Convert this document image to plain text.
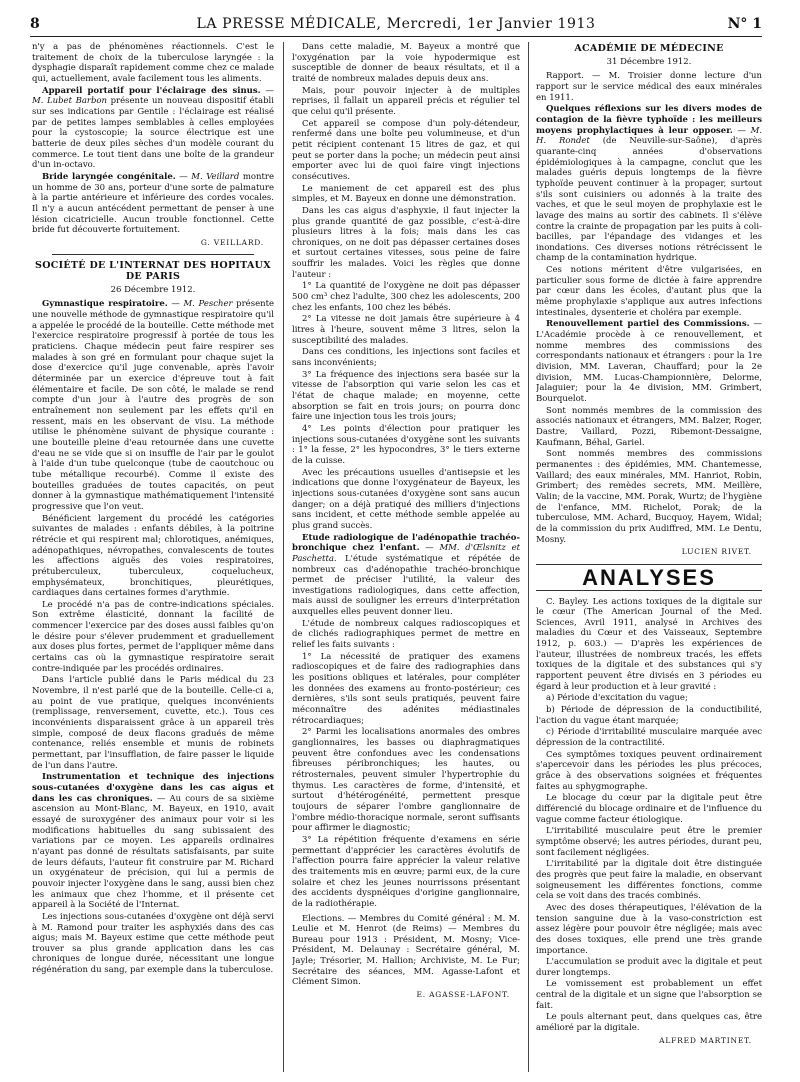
8	LA PRESSE MÉDICALE, Mercredi, 1er Janvier 1913	N° 1

n'y a pas de phénomènes réactionnels. C'est le traitement de choix de la tuberculose laryngée : la dysphagie disparaît rapidement comme chez ce malade qui, actuellement, avale facilement tous les aliments.

Appareil portatif pour l'éclairage des sinus. — M. Lubet Barbon présente un nouveau dispositif établi sur ses indications par Gentile : l'éclairage est réalisé par de petites lampes semblables à celles employées pour la cystoscopie; la source électrique est une batterie de deux piles sèches d'un modèle courant du commerce. Le tout tient dans une boîte de la grandeur d'un in-octavo.

Bride laryngée congénitale. — M. Veillard montre un homme de 30 ans, porteur d'une sorte de palmature à la partie antérieure et inférieure des cordes vocales. Il n'y a aucun antécédent permettant de penser à une lésion cicatricielle. Aucun trouble fonctionnel. Cette bride fut découverte fortuitement.

G. VEILLARD.
SOCIÉTÉ DE L'INTERNAT DES HOPITAUX DE PARIS
26 Décembre 1912.

Gymnastique respiratoire. — M. Pescher présente une nouvelle méthode de gymnastique respiratoire qu'il a appelée le procédé de la bouteille. Cette méthode met l'exercice respiratoire progressif à portée de tous les praticiens. Chaque médecin peut faire respirer ses malades à son gré en formulant pour chaque sujet la dose d'exercice qu'il juge convenable, après l'avoir déterminée par un exercice d'épreuve tout à fait élémentaire et facile. De son côté, le malade se rend compte d'un jour à l'autre des progrès de son entraînement non seulement par les effets qu'il en ressent, mais en les observant de visu. La méthode utilise le phénomène suivant de physique courante : une bouteille pleine d'eau retournée dans une cuvette d'eau ne se vide que si on insuffle de l'air par le goulot à l'aide d'un tube quelconque (tube de caoutchouc ou tube métallique recourbé). Comme il existe des bouteilles graduées de toutes capacités, on peut donner à la gymnastique mathématiquement l'intensité progressive que l'on veut.

Bénéficient largement du procédé les catégories suivantes de malades : enfants débiles, à la poitrine rétrécie et qui respirent mal; chlorotiques, anémiques, adénopathiques, névropathes, convalescents de toutes les affections aiguës des voies respiratoires, prétuberculeux, tuberculeux, coquelucheux, emphysémateux, bronchitiques, pleurétiques, cardiaques dans certaines formes d'arythmie.

Le procédé n'a pas de contre-indications spéciales. Son extrême élasticité, donnant la facilité de commencer l'exercice par des doses aussi faibles qu'on le désire pour s'élever prudemment et graduellement aux doses plus fortes, permet de l'appliquer même dans certains cas où la gymnastique respiratoire serait contre-indiquée par les procédés ordinaires.

Dans l'article publié dans le Paris médical du 23 Novembre, il n'est parlé que de la bouteille. Celle-ci a, au point de vue pratique, quelques inconvénients (remplissage, renversement, cuvette, etc.). Tous ces inconvénients disparaissent grâce à un appareil très simple, composé de deux flacons gradués de même contenance, reliés ensemble et munis de robinets permettant, par l'insufflation, de faire passer le liquide de l'un dans l'autre.

Instrumentation et technique des injections sous-cutanées d'oxygène dans les cas aigus et dans les cas chroniques. — Au cours de sa sixième ascension au Mont-Blanc, M. Bayeux, en 1910, avait essayé de suroxygéner des animaux pour voir si les modifications habituelles du sang subissaient des variations par ce moyen. Les appareils ordinaires n'ayant pas donné de résultats satisfaisants, par suite de leurs défauts, l'auteur fit construire par M. Richard un oxygénateur de précision, qui lui a permis de pouvoir injecter l'oxygène dans le sang, aussi bien chez les animaux que chez l'homme, et il présente cet appareil à la Société de l'Internat.

Les injections sous-cutanées d'oxygène ont déjà servi à M. Ramond pour traiter les asphyxiés dans des cas aigus; mais M. Bayeux estime que cette méthode peut trouver sa plus grande application dans les cas chroniques de longue durée, nécessitant une longue régénération du sang, par exemple dans la tuberculose.

Dans cette maladie, M. Bayeux a montré que l'oxygénation par la voie hypodermique est susceptible de donner de beaux résultats, et il a traité de nombreux malades depuis deux ans.

Mais, pour pouvoir injecter à de multiples reprises, il fallait un appareil précis et régulier tel que celui qu'il présente.

Cet appareil se compose d'un poly-détendeur, renfermé dans une boîte peu volumineuse, et d'un petit récipient contenant 15 litres de gaz, et qui peut se porter dans la poche; un médecin peut ainsi emporter avec lui de quoi faire vingt injections consécutives.

Le maniement de cet appareil est des plus simples, et M. Bayeux en donne une démonstration.

Dans les cas aigus d'asphyxie, il faut injecter la plus grande quantité de gaz possible, c'est-à-dire plusieurs litres à la fois; mais dans les cas chroniques, on ne doit pas dépasser certaines doses et surtout certaines vitesses, sous peine de faire souffrir les malades. Voici les règles que donne l'auteur :

1° La quantité de l'oxygène ne doit pas dépasser 500 cm³ chez l'adulte, 300 chez les adolescents, 200 chez les enfants, 100 chez les bébés.

2° La vitesse ne doit jamais être supérieure à 4 litres à l'heure, souvent même 3 litres, selon la susceptibilité des malades.

Dans ces conditions, les injections sont faciles et sans inconvénients;

3° La fréquence des injections sera basée sur la vitesse de l'absorption qui varie selon les cas et l'état de chaque malade; en moyenne, cette absorption se fait en trois jours; on pourra donc faire une injection tous les trois jours;

4° Les points d'élection pour pratiquer les injections sous-cutanées d'oxygène sont les suivants : 1° la fesse, 2° les hypocondres, 3° le tiers externe de la cuisse.

Avec les précautions usuelles d'antisepsie et les indications que donne l'oxygénateur de Bayeux, les injections sous-cutanées d'oxygène sont sans aucun danger; on a déjà pratiqué des milliers d'injections sans incident, et cette méthode semble appelée au plus grand succès.

Etude radiologique de l'adénopathie trachéo-bronchique chez l'enfant. — MM. d'Œlsnitz et Paschetta. L'étude systématique et répétée de nombreux cas d'adénopathie trachéo-bronchique permet de préciser l'utilité, la valeur des investigations radiologiques, dans cette affection, mais aussi de souligner les erreurs d'interprétation auxquelles elles peuvent donner lieu.

L'étude de nombreux calques radioscopiques et de clichés radiographiques permet de mettre en relief les faits suivants :

1° La nécessité de pratiquer des examens radioscopiques et de faire des radiographies dans les positions obliques et latérales, pour compléter les données des examens au fronto-postérieur; ces dernières, s'ils sont seuls pratiqués, peuvent faire méconnaître des adénites médiastinales rétrocardiaques;

2° Parmi les localisations anormales des ombres ganglionnaires, les basses ou diaphragmatiques peuvent être confondues avec les condensations fibreuses péribronchiques; les hautes, ou rétrosternales, peuvent simuler l'hypertrophie du thymus. Les caractères de forme, d'intensité, et surtout d'hétérogénéité, permettent presque toujours de séparer l'ombre ganglionnaire de l'ombre médio-thoracique normale, seront suffisants pour affirmer le diagnostic;

3° La répétition fréquente d'examens en série permettant d'apprécier les caractères évolutifs de l'affection pourra faire apprécier la valeur relative des traitements mis en œuvre; parmi eux, de la cure solaire et chez les jeunes nourrissons présentant des accidents dyspnéiques d'origine ganglionnaire, de la radiothérapie.

Elections. — Membres du Comité général : M. M. Leulie et M. Henrot (de Reims) — Membres du Bureau pour 1913 : Président, M. Mosny; Vice-Président, M. Delaunay : Secrétaire général, M. Jayle; Trésorier, M. Hallion; Archiviste, M. Le Fur; Secrétaire des séances, MM. Agasse-Lafont et Clément Simon.

E. AGASSE-LAFONT.
ACADÉMIE DE MÉDECINE
31 Décembre 1912.

Rapport. — M. Troisier donne lecture d'un rapport sur le service médical des eaux minérales en 1911.

Quelques réflexions sur les divers modes de contagion de la fièvre typhoïde : les meilleurs moyens prophylactiques à leur opposer. — M. H. Rondet (de Neuville-sur-Saône), d'après quarante-cinq années d'observations épidémiologiques à la campagne, conclut que les malades guéris depuis longtemps de la fièvre typhoïde peuvent continuer à la propager, surtout s'ils sont cuisiniers ou adonnés à la traite des vaches, et que le seul moyen de prophylaxie est le lavage des mains au sortir des cabinets. Il s'élève contre la crainte de propagation par les puits à coli-bacilles, par l'épandage des vidanges et les inondations. Ces diverses notions rétrécissent le champ de la contamination hydrique.

Ces notions méritent d'être vulgarisées, en particulier sous forme de dictée à faire apprendre par cœur dans les écoles, d'autant plus que la même prophylaxie s'applique aux autres infections intestinales, dysenterie et choléra par exemple.

Renouvellement partiel des Commissions. — L'Académie procède à ce renouvellement, et nomme membres des commissions des correspondants nationaux et étrangers : pour la 1re division, MM. Laveran, Chauffard; pour la 2e division, MM. Lucas-Championnière, Delorme, Jalaguier; pour la 4e division, MM. Grimbert, Bourquelot.

Sont nommés membres de la commission des associés nationaux et étrangers, MM. Balzer, Roger, Dastre, Vaillard, Pozzi, Ribemont-Dessaigne, Kaufmann, Béhal, Gariel.

Sont nommés membres des commissions permanentes : des épidémies, MM. Chantemesse, Vaillard; des eaux minérales, MM. Hanriot, Robin, Grimbert; des remèdes secrets, MM. Meillère, Valin; de la vaccine, MM. Porak, Wurtz; de l'hygiène de l'enfance, MM. Richelot, Porak; de la tuberculose, MM. Achard, Bucquoy, Hayem, Widal; de la commission du prix Audiffred, MM. Le Dentu, Mosny.

LUCIEN RIVET.
ANALYSES

C. Bayley. Les actions toxiques de la digitale sur le cœur (The American Journal of the Med. Sciences, Avril 1911, analysé in Archives des maladies du Cœur et des Vaisseaux, Septembre 1912, p. 603.) — D'après les expériences de l'auteur, illustrées de nombreux tracés, les effets toxiques de la digitale et des substances qui s'y rapportent peuvent être divisés en 3 périodes eu égard à leur production et à leur gravité :

a) Période d'excitation du vague;

b) Période de dépression de la conductibilité, l'action du vague étant marquée;

c) Période d'irritabilité musculaire marquée avec dépression de la contractilité.

Ces symptômes toxiques peuvent ordinairement s'apercevoir dans les périodes les plus précoces, grâce à des observations soignées et fréquentes faites au sphygmographe.

Le blocage du cœur par la digitale peut être différencié du blocage ordinaire et de l'influence du vague comme facteur étiologique.

L'irritabilité musculaire peut être le premier symptôme observé; les autres périodes, durant peu, sont facilement négligées.

L'irritabilité par la digitale doit être distinguée des progrès que peut faire la maladie, en observant soigneusement les différentes fonctions, comme cela se voit dans des tracés combinés.

Avec des doses thérapeutiques, l'élévation de la tension sanguine due à la vaso-constriction est assez légère pour pouvoir être négligée; mais avec des doses toxiques, elle prend une très grande importance.

L'accumulation se produit avec la digitale et peut durer longtemps.

Le vomissement est probablement un effet central de la digitale et un signe que l'absorption se fait.

Le pouls alternant peut, dans quelques cas, être amélioré par la digitale.

ALFRED MARTINET.
